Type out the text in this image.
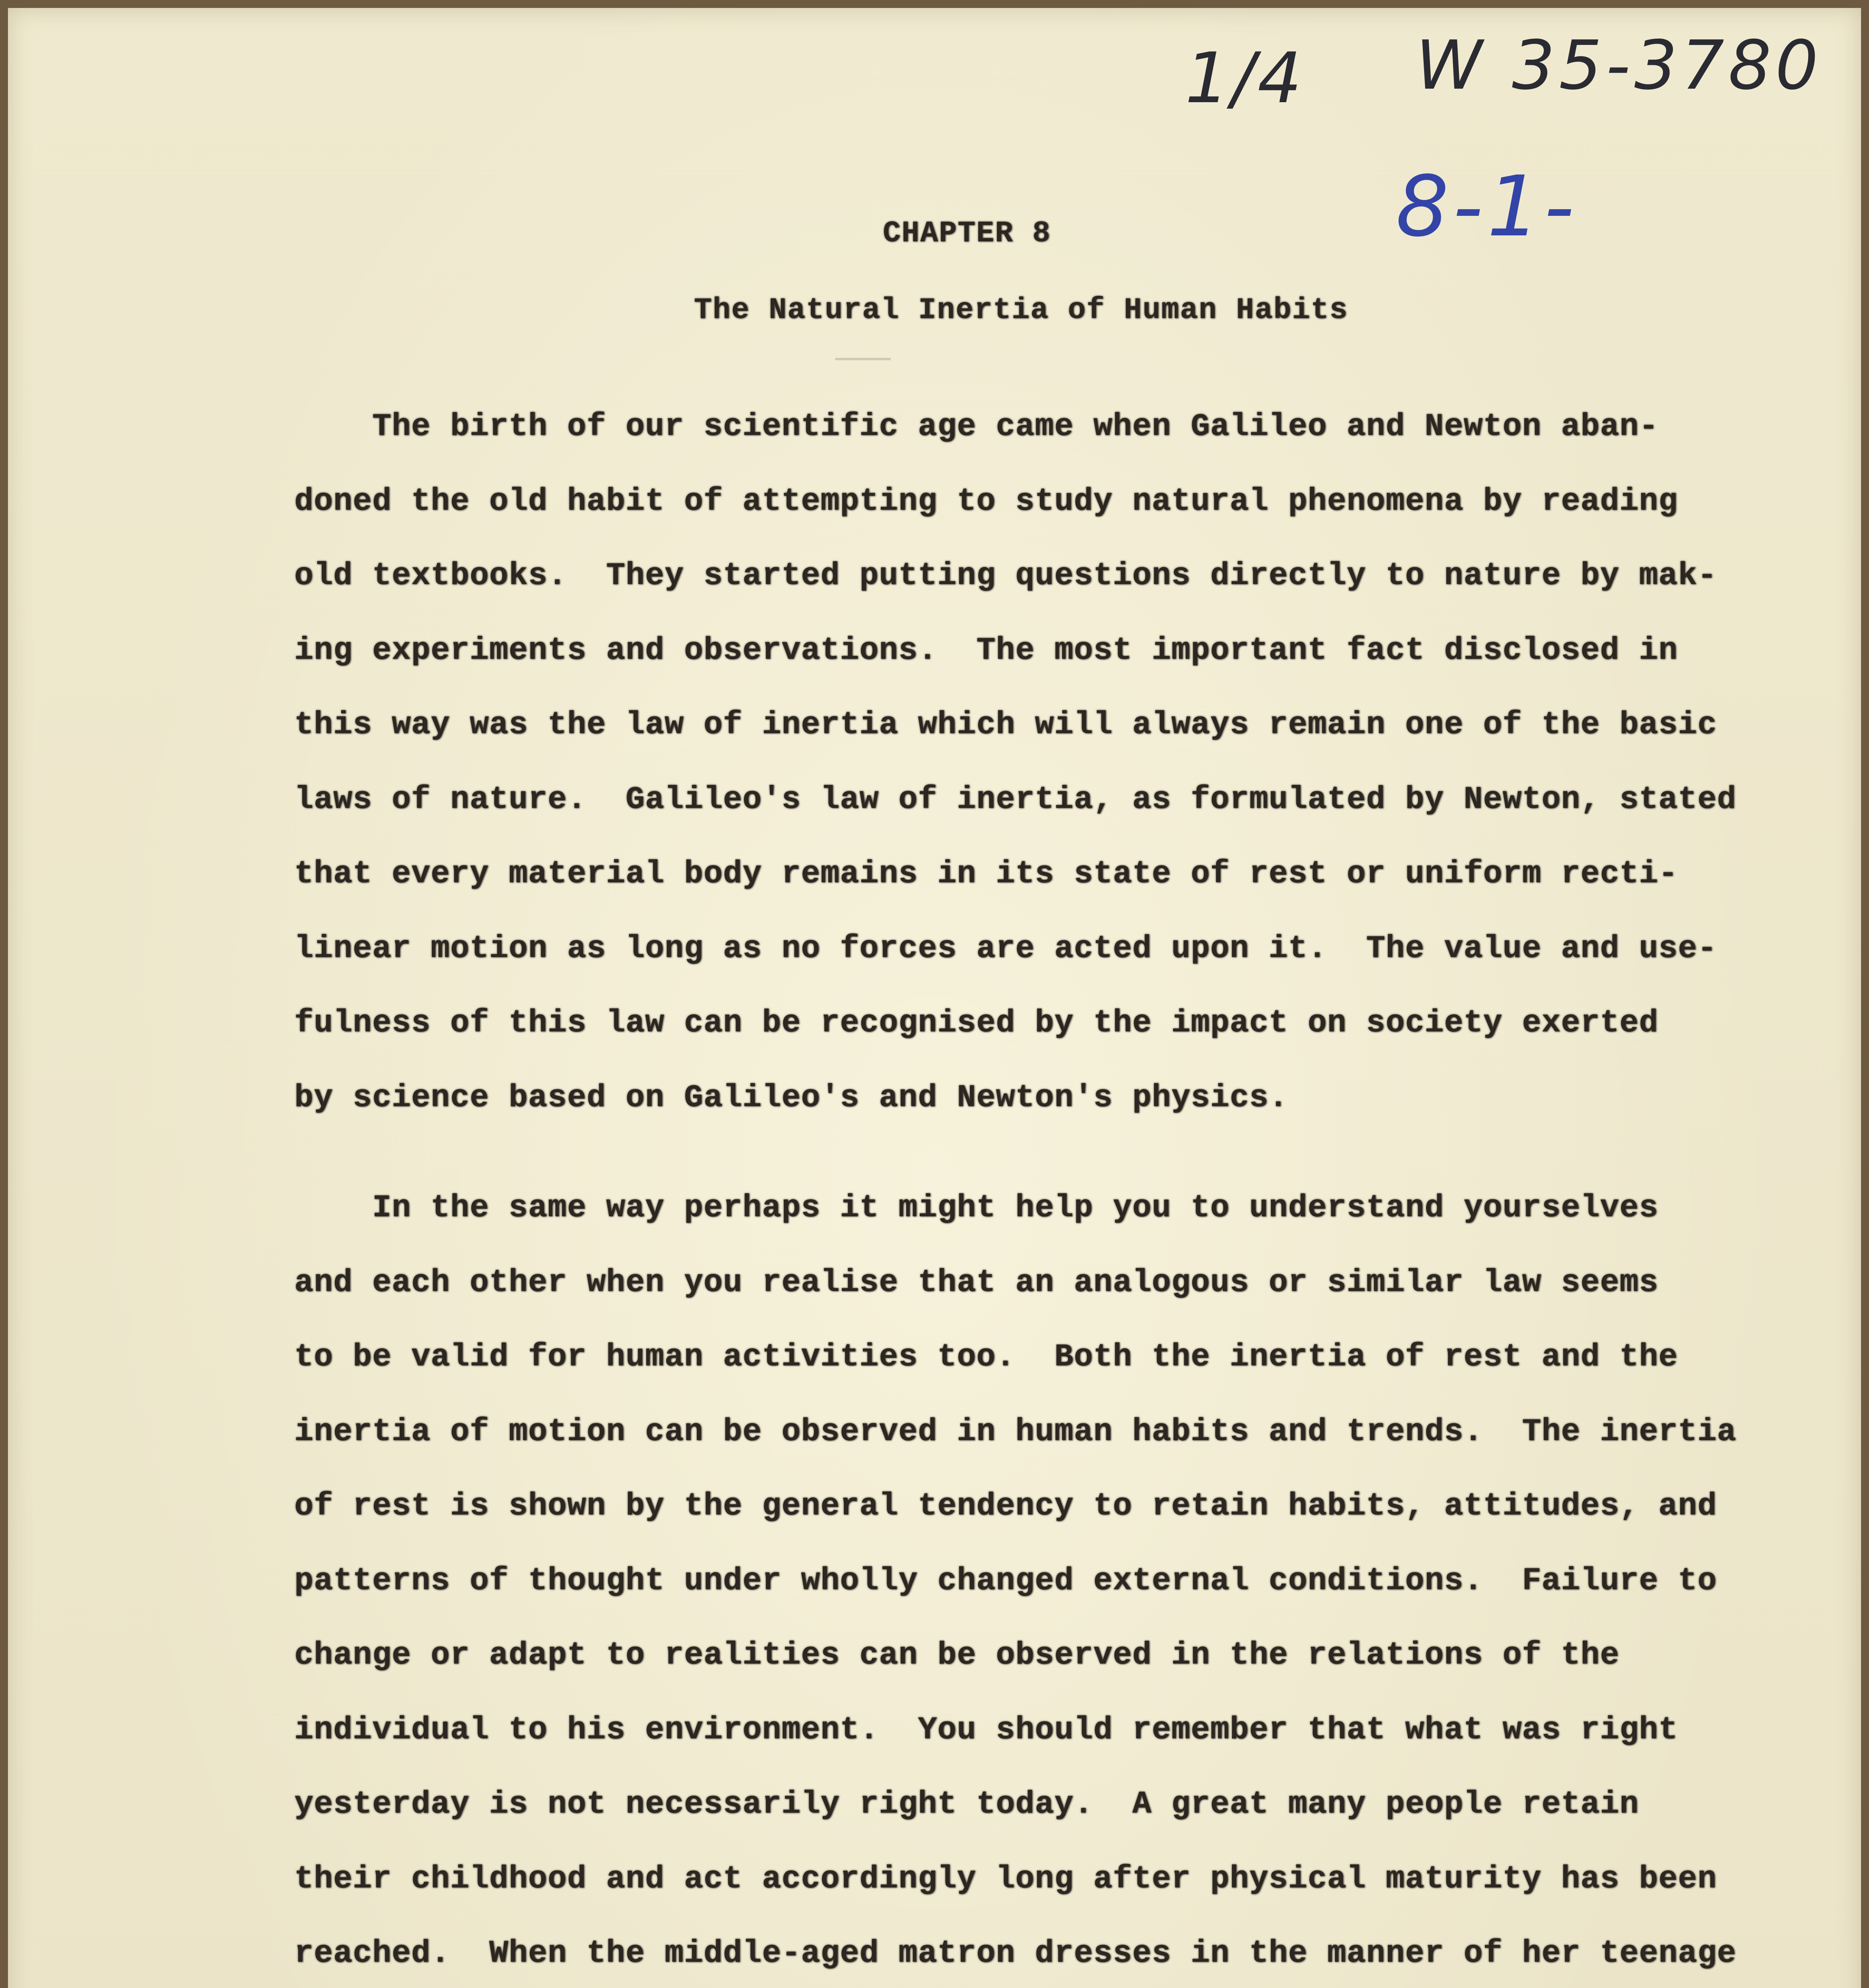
1/4 W 35-3780
8-1-
CHAPTER 8
The Natural Inertia of Human Habits
The birth of our scientific age came when Galileo and Newton aban-
doned the old habit of attempting to study natural phenomena by reading
old textbooks.  They started putting questions directly to nature by mak-
ing experiments and observations.  The most important fact disclosed in
this way was the law of inertia which will always remain one of the basic
laws of nature.  Galileo's law of inertia, as formulated by Newton, stated
that every material body remains in its state of rest or uniform recti-
linear motion as long as no forces are acted upon it.  The value and use-
fulness of this law can be recognised by the impact on society exerted
by science based on Galileo's and Newton's physics.
In the same way perhaps it might help you to understand yourselves
and each other when you realise that an analogous or similar law seems
to be valid for human activities too.  Both the inertia of rest and the
inertia of motion can be observed in human habits and trends.  The inertia
of rest is shown by the general tendency to retain habits, attitudes, and
patterns of thought under wholly changed external conditions.  Failure to
change or adapt to realities can be observed in the relations of the
individual to his environment.  You should remember that what was right
yesterday is not necessarily right today.  A great many people retain
their childhood and act accordingly long after physical maturity has been
reached.  When the middle-aged matron dresses in the manner of her teenage
